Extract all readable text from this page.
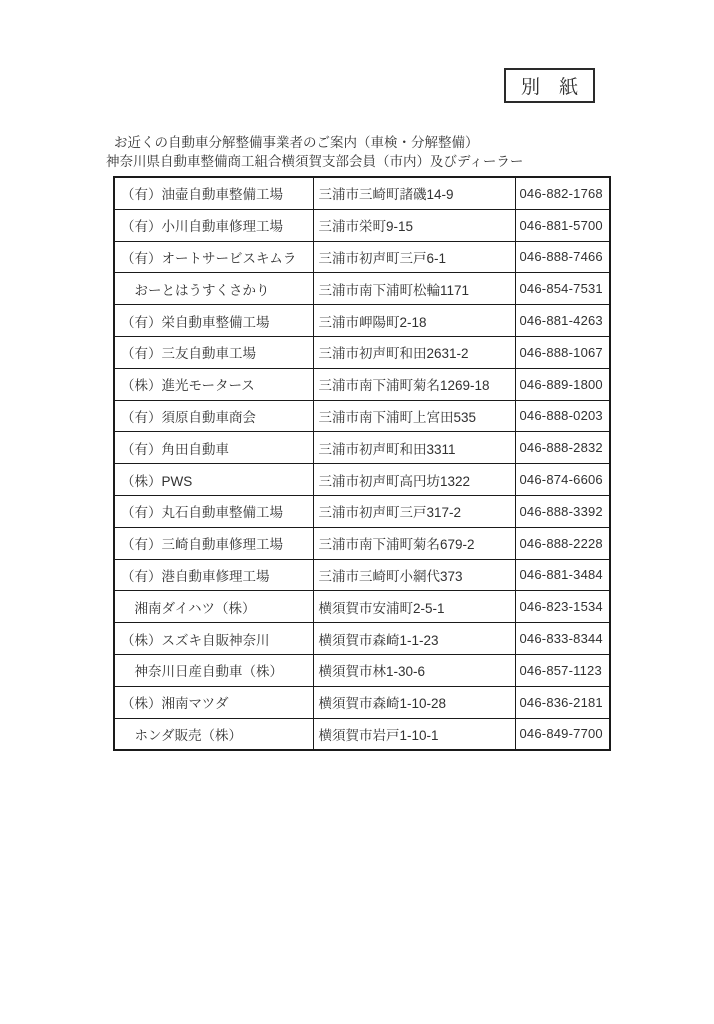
別　紙
お近くの自動車分解整備事業者のご案内（車検・分解整備）
神奈川県自動車整備商工組合横須賀支部会員（市内）及びディーラー
（有）油壷自動車整備工場	三浦市三崎町諸磯14-9	046-882-1768
（有）小川自動車修理工場	三浦市栄町9-15	046-881-5700
（有）オートサービスキムラ	三浦市初声町三戸6-1	046-888-7466
　おーとはうすくさかり	三浦市南下浦町松輪1171	046-854-7531
（有）栄自動車整備工場	三浦市岬陽町2-18	046-881-4263
（有）三友自動車工場	三浦市初声町和田2631-2	046-888-1067
（株）進光モータース	三浦市南下浦町菊名1269-18	046-889-1800
（有）須原自動車商会	三浦市南下浦町上宮田535	046-888-0203
（有）角田自動車	三浦市初声町和田3311	046-888-2832
（株）PWS	三浦市初声町高円坊1322	046-874-6606
（有）丸石自動車整備工場	三浦市初声町三戸317-2	046-888-3392
（有）三崎自動車修理工場	三浦市南下浦町菊名679-2	046-888-2228
（有）港自動車修理工場	三浦市三崎町小網代373	046-881-3484
　湘南ダイハツ（株）	横須賀市安浦町2-5-1	046-823-1534
（株）スズキ自販神奈川	横須賀市森崎1-1-23	046-833-8344
　神奈川日産自動車（株）	横須賀市林1-30-6	046-857-1123
（株）湘南マツダ	横須賀市森崎1-10-28	046-836-2181
　ホンダ販売（株）	横須賀市岩戸1-10-1	046-849-7700
